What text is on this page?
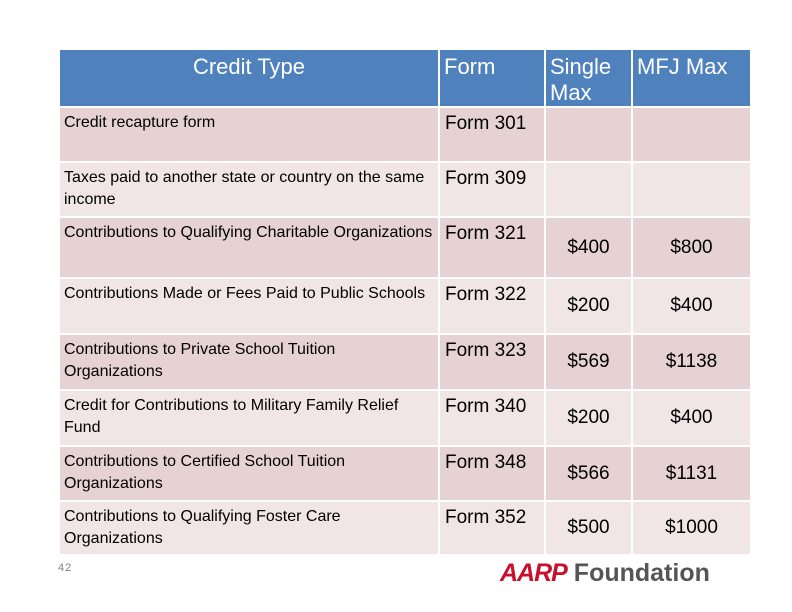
Credit Type	Form	Single Max	MFJ Max
Credit recapture form	Form 301		
Taxes paid to another state or country on the same income	Form 309		
Contributions to Qualifying Charitable Organizations	Form 321	$400	$800
Contributions Made or Fees Paid to Public Schools	Form 322	$200	$400
Contributions to Private School Tuition Organizations	Form 323	$569	$1138
Credit for Contributions to Military Family Relief Fund	Form 340	$200	$400
Contributions to Certified School Tuition Organizations	Form 348	$566	$1131
Contributions to Qualifying Foster Care Organizations	Form 352	$500	$1000
42	AARP Foundation
